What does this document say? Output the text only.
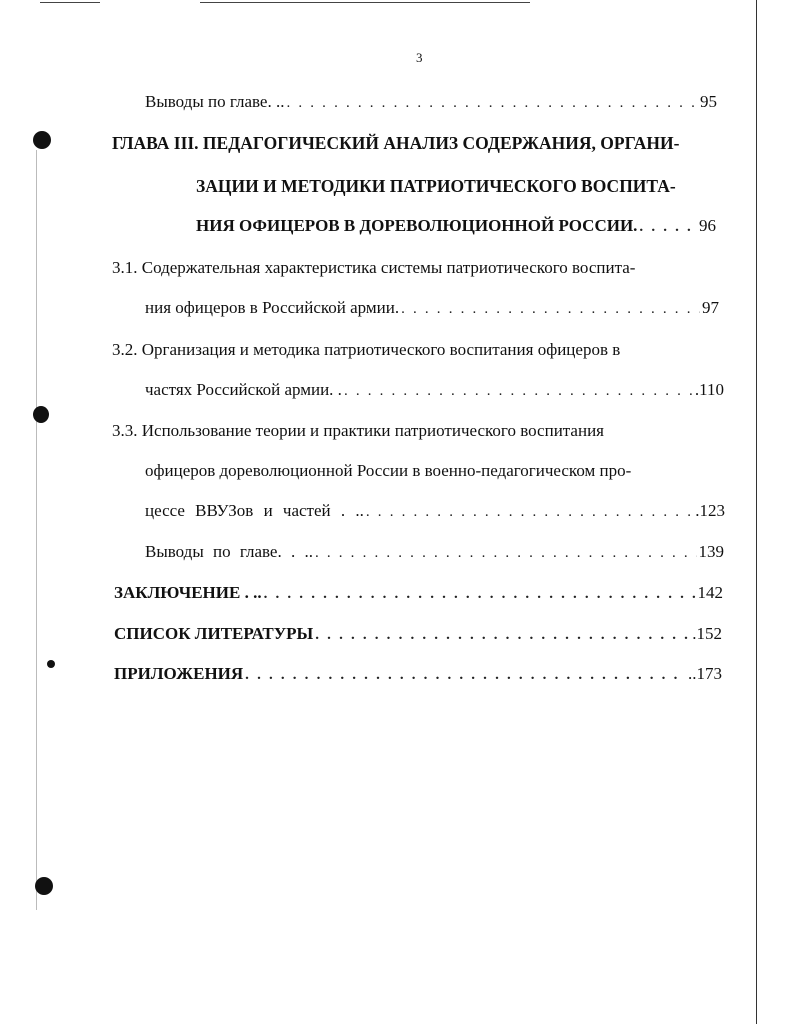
3
Выводы по главе. .. . . .	95
ГЛАВА III. ПЕДАГОГИЧЕСКИЙ АНАЛИЗ СОДЕРЖАНИЯ, ОРГАНИ-
ЗАЦИИ И МЕТОДИКИ ПАТРИОТИЧЕСКОГО ВОСПИТА-
НИЯ ОФИЦЕРОВ В ДОРЕВОЛЮЦИОННОЙ РОССИИ. . . .	96
3.1. Содержательная характеристика системы патриотического воспита-
ния офицеров в Российской армии. . . .	97
3.2. Организация и методика патриотического воспитания офицеров в
частях Российской армии. . . . .	.110
3.3. Использование теории и практики патриотического воспитания
офицеров дореволюционной России в военно-педагогическом про-
цессе ВВУЗов и частей . .. . . .	.123
Выводы по главе. . .. . . .	139
ЗАКЛЮЧЕНИЕ . .. . . .	142
СПИСОК ЛИТЕРАТУРЫ . . .	.152
ПРИЛОЖЕНИЯ . . .	..173
